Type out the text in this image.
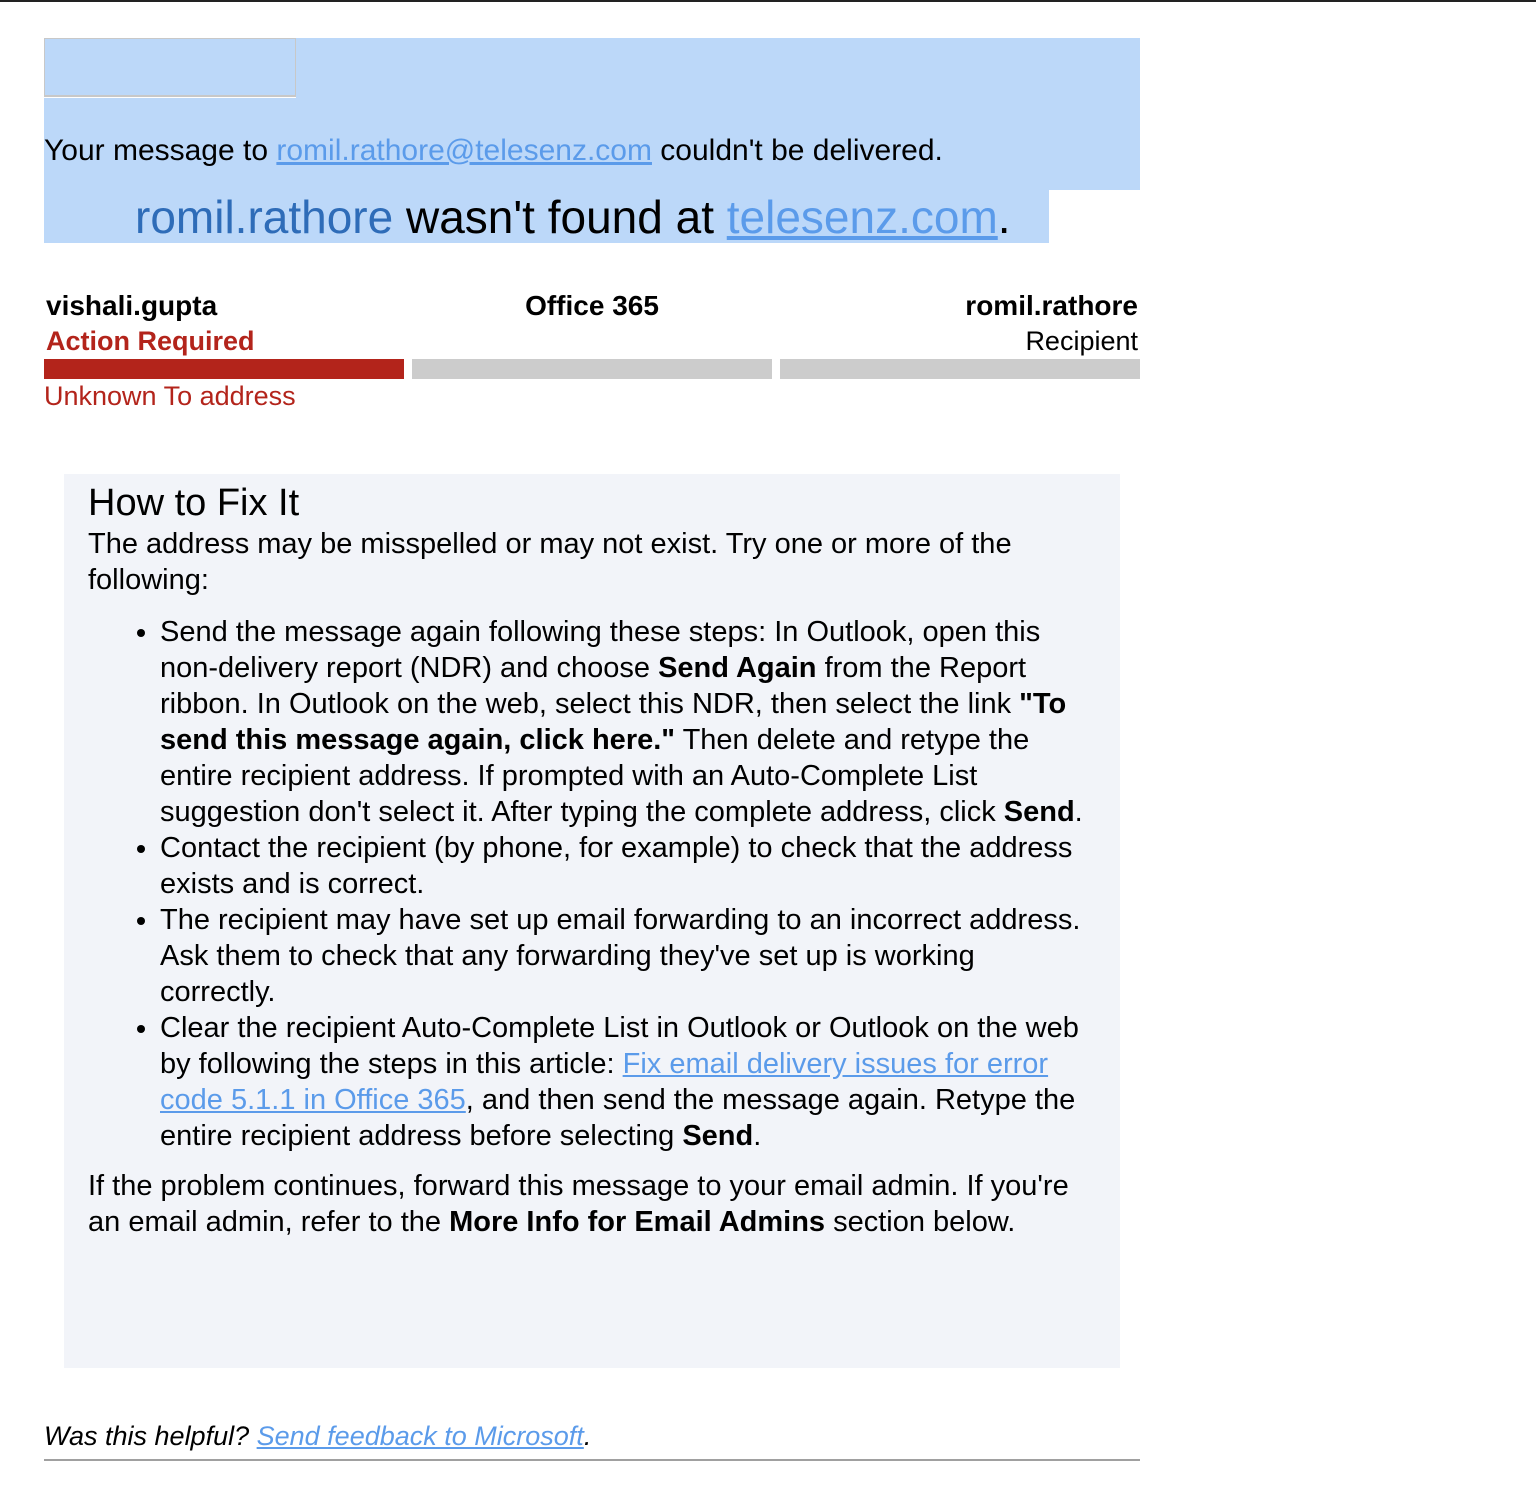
Your message to romil.rathore@telesenz.com couldn't be delivered.
romil.rathore wasn't found at telesenz.com.
vishali.gupta
Action Required
Office 365	romil.rathore
Recipient
Unknown To address
How to Fix It

The address may be misspelled or may not exist. Try one or more of the following:

• Send the message again following these steps: In Outlook, open this non-delivery report (NDR) and choose Send Again from the Report ribbon. In Outlook on the web, select this NDR, then select the link "To send this message again, click here." Then delete and retype the entire recipient address. If prompted with an Auto-Complete List suggestion don't select it. After typing the complete address, click Send.
• Contact the recipient (by phone, for example) to check that the address exists and is correct.
• The recipient may have set up email forwarding to an incorrect address. Ask them to check that any forwarding they've set up is working correctly.
• Clear the recipient Auto-Complete List in Outlook or Outlook on the web by following the steps in this article: Fix email delivery issues for error code 5.1.1 in Office 365, and then send the message again. Retype the entire recipient address before selecting Send.

If the problem continues, forward this message to your email admin. If you're an email admin, refer to the More Info for Email Admins section below.

Was this helpful? Send feedback to Microsoft.
